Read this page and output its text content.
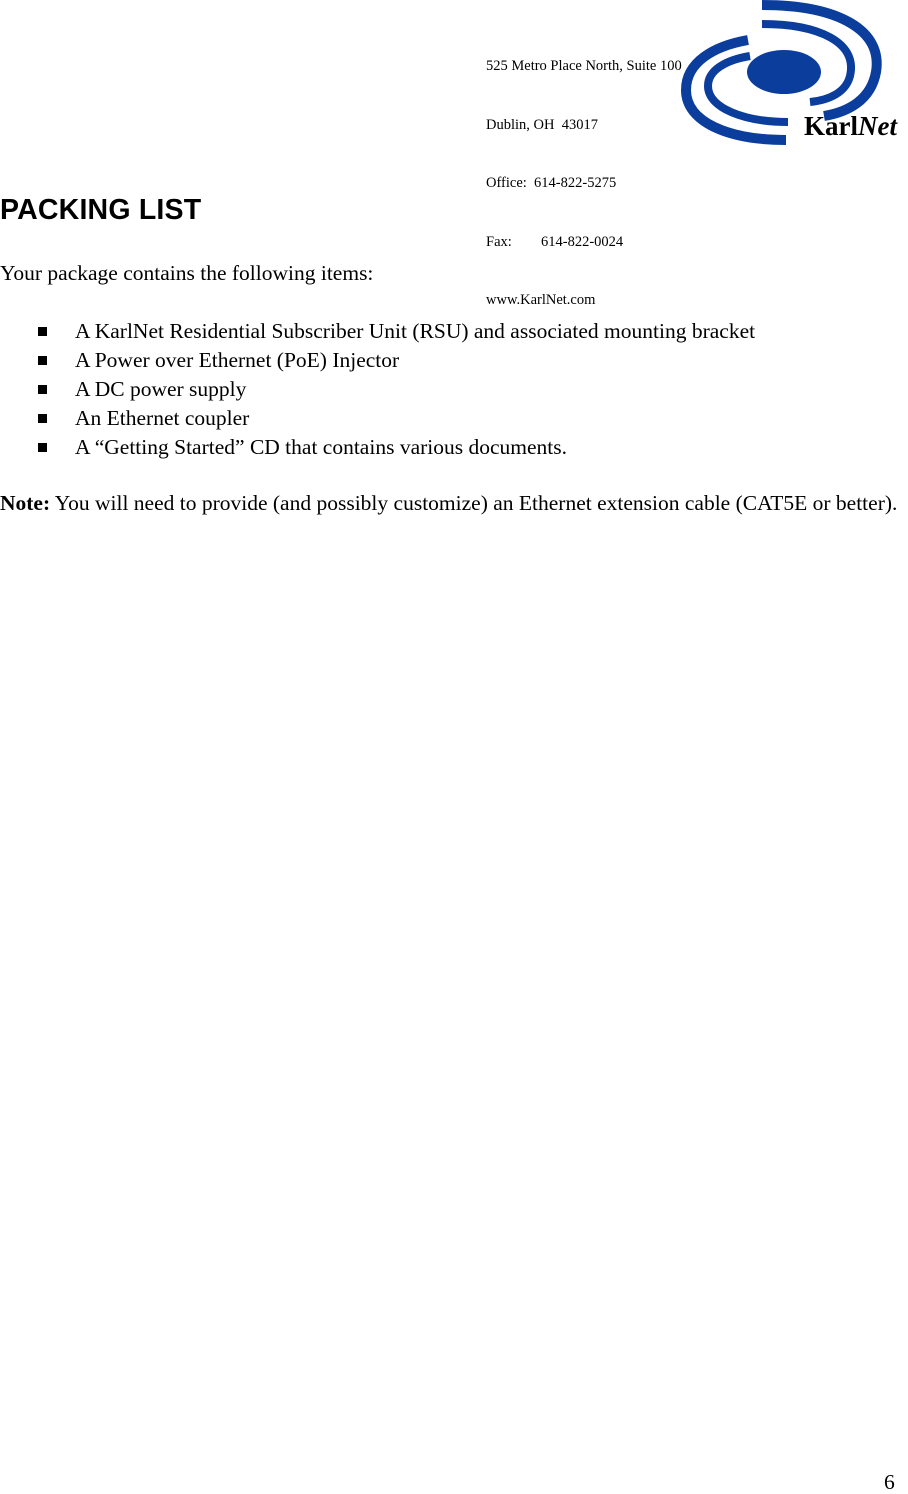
525 Metro Place North, Suite 100

Dublin, OH  43017

Office:  614-822-5275

Fax: 614-822-0024

www.KarlNet.com

KarlNet
PACKING LIST
Your package contains the following items:
A KarlNet Residential Subscriber Unit (RSU) and associated mounting bracket
A Power over Ethernet (PoE) Injector
A DC power supply
An Ethernet coupler
A “Getting Started” CD that contains various documents.
Note: You will need to provide (and possibly customize) an Ethernet extension cable (CAT5E or better).
6
